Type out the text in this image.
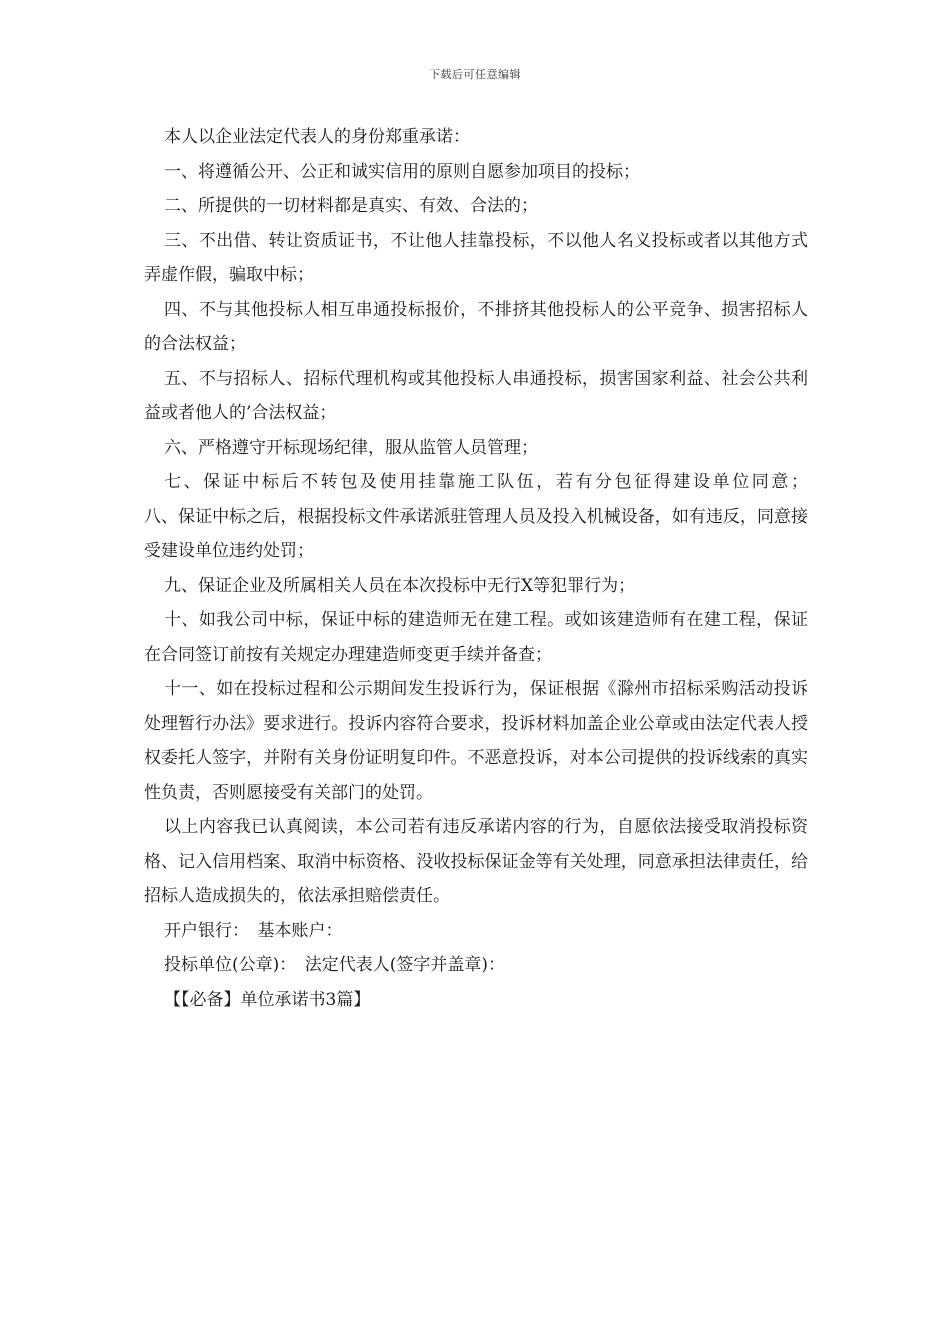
下载后可任意编辑

本人以企业法定代表人的身份郑重承诺：

一、将遵循公开、公正和诚实信用的原则自愿参加项目的投标；

二、所提供的一切材料都是真实、有效、合法的；

三、不出借、转让资质证书，不让他人挂靠投标，不以他人名义投标或者以其他方式弄虚作假，骗取中标；

四、不与其他投标人相互串通投标报价，不排挤其他投标人的公平竞争、损害招标人的合法权益；

五、不与招标人、招标代理机构或其他投标人串通投标，损害国家利益、社会公共利益或者他人的’合法权益；

六、严格遵守开标现场纪律，服从监管人员管理；

七、保证中标后不转包及使用挂靠施工队伍，若有分包征得建设单位同意；

八、保证中标之后，根据投标文件承诺派驻管理人员及投入机械设备，如有违反，同意接受建设单位违约处罚；

九、保证企业及所属相关人员在本次投标中无行X等犯罪行为；

十、如我公司中标，保证中标的建造师无在建工程。或如该建造师有在建工程，保证在合同签订前按有关规定办理建造师变更手续并备查；

十一、如在投标过程和公示期间发生投诉行为，保证根据《滁州市招标采购活动投诉处理暂行办法》要求进行。投诉内容符合要求，投诉材料加盖企业公章或由法定代表人授权委托人签字，并附有关身份证明复印件。不恶意投诉，对本公司提供的投诉线索的真实性负责，否则愿接受有关部门的处罚。

以上内容我已认真阅读，本公司若有违反承诺内容的行为，自愿依法接受取消投标资格、记入信用档案、取消中标资格、没收投标保证金等有关处理，同意承担法律责任，给招标人造成损失的，依法承担赔偿责任。

开户银行：　基本账户：

投标单位(公章)：　法定代表人(签字并盖章)：

【【必备】单位承诺书3篇】
